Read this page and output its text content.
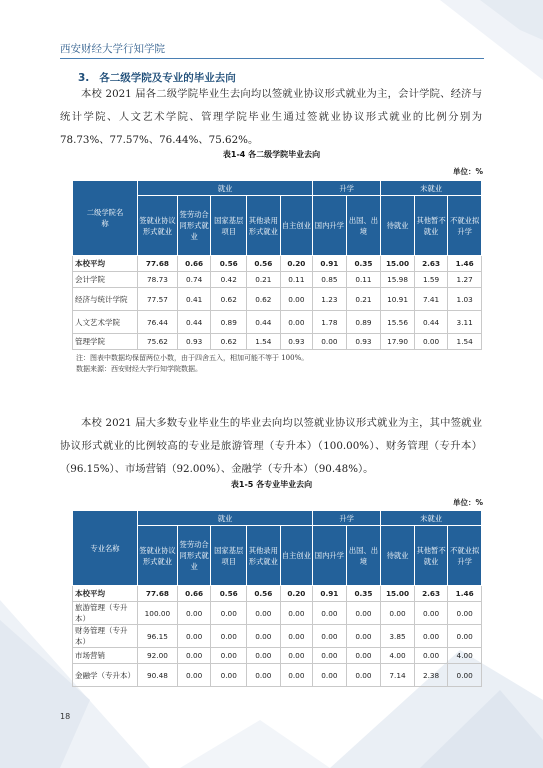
西安财经大学行知学院
3. 各二级学院及专业的毕业去向
本校 2021 届各二级学院毕业生去向均以签就业协议形式就业为主，会计学院、经济与统计学院、人文艺术学院、管理学院毕业生通过签就业协议形式就业的比例分别为 78.73%、77.57%、76.44%、75.62%。
表1-4 各二级学院毕业去向
单位：%
二级学院名称	就业					升学		未就业		
	签就业协议形式就业	签劳动合同形式就业	国家基层项目	其他录用形式就业	自主创业	国内升学	出国、出境	待就业	其他暂不就业	不就业拟升学
本校平均	77.68	0.66	0.56	0.56	0.20	0.91	0.35	15.00	2.63	1.46
会计学院	78.73	0.74	0.42	0.21	0.11	0.85	0.11	15.98	1.59	1.27
经济与统计学院	77.57	0.41	0.62	0.62	0.00	1.23	0.21	10.91	7.41	1.03
人文艺术学院	76.44	0.44	0.89	0.44	0.00	1.78	0.89	15.56	0.44	3.11
管理学院	75.62	0.93	0.62	1.54	0.93	0.00	0.93	17.90	0.00	1.54
注：图表中数据均保留两位小数，由于四舍五入，相加可能不等于 100%。
数据来源：西安财经大学行知学院数据。
本校 2021 届大多数专业毕业生的毕业去向均以签就业协议形式就业为主，其中签就业协议形式就业的比例较高的专业是旅游管理（专升本）（100.00%）、财务管理（专升本）（96.15%）、市场营销（92.00%）、金融学（专升本）（90.48%）。
表1-5 各专业毕业去向
单位：%
专业名称	就业					升学		未就业		
	签就业协议形式就业	签劳动合同形式就业	国家基层项目	其他录用形式就业	自主创业	国内升学	出国、出境	待就业	其他暂不就业	不就业拟升学
本校平均	77.68	0.66	0.56	0.56	0.20	0.91	0.35	15.00	2.63	1.46
旅游管理（专升本）	100.00	0.00	0.00	0.00	0.00	0.00	0.00	0.00	0.00	0.00
财务管理（专升本）	96.15	0.00	0.00	0.00	0.00	0.00	0.00	3.85	0.00	0.00
市场营销	92.00	0.00	0.00	0.00	0.00	0.00	0.00	4.00	0.00	4.00
金融学（专升本）	90.48	0.00	0.00	0.00	0.00	0.00	0.00	7.14	2.38	0.00
18
